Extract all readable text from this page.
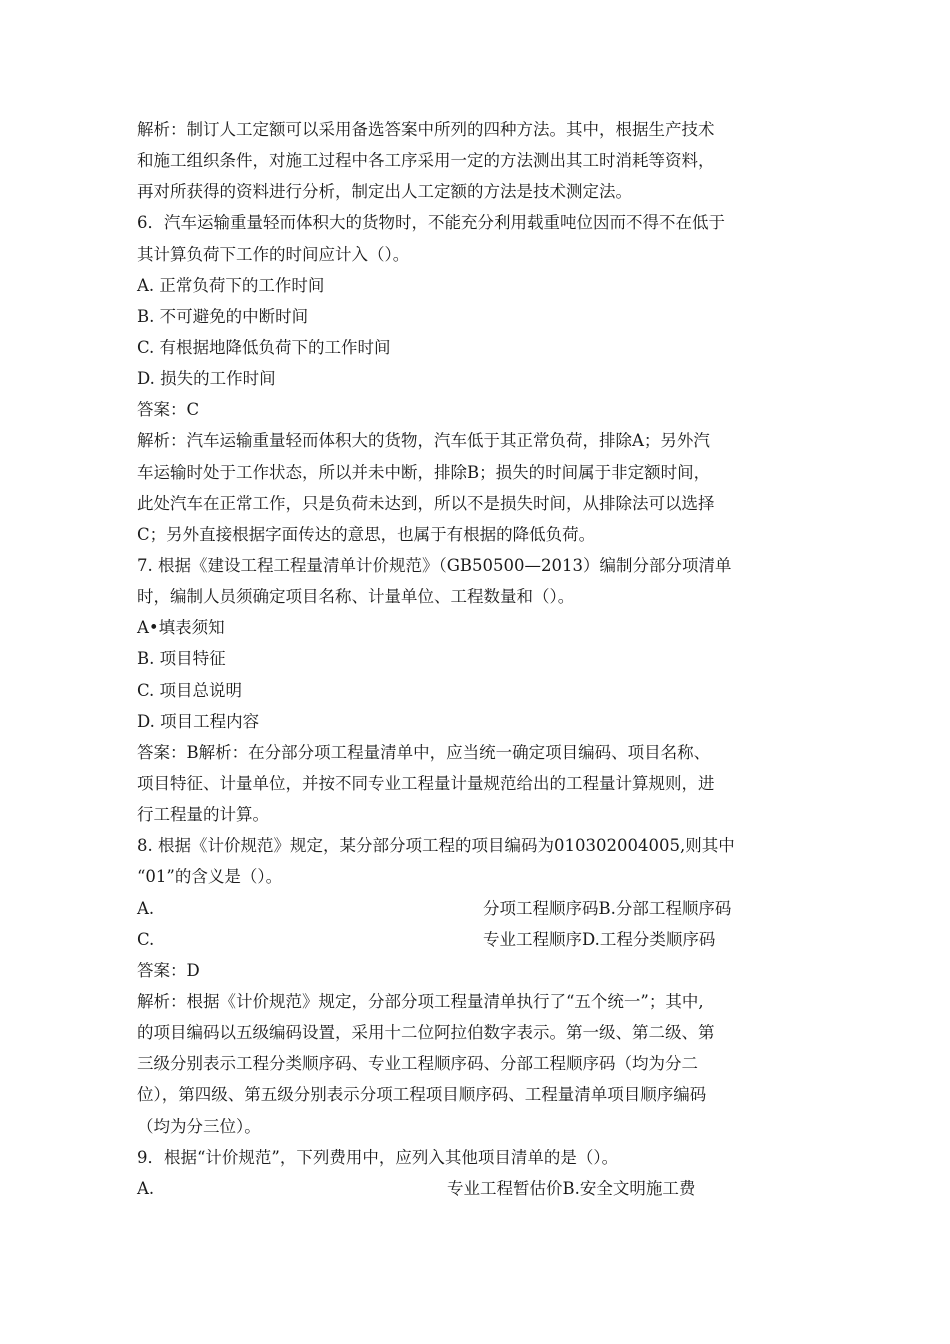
解析：制订人工定额可以采用备选答案中所列的四种方法。其中，根据生产技术
和施工组织条件，对施工过程中各工序采用一定的方法测出其工时消耗等资料，
再对所获得的资料进行分析，制定出人工定额的方法是技术测定法。
6．汽车运输重量轻而体积大的货物时，不能充分利用载重吨位因而不得不在低于
其计算负荷下工作的时间应计入（）。
A. 正常负荷下的工作时间
B. 不可避免的中断时间
C. 有根据地降低负荷下的工作时间
D. 损失的工作时间
答案：C
解析：汽车运输重量轻而体积大的货物，汽车低于其正常负荷，排除A；另外汽
车运输时处于工作状态，所以并未中断，排除B；损失的时间属于非定额时间，
此处汽车在正常工作，只是负荷未达到，所以不是损失时间，从排除法可以选择
C；另外直接根据字面传达的意思，也属于有根据的降低负荷。
7. 根据《建设工程工程量清单计价规范》（GB50500—2013）编制分部分项清单
时，编制人员须确定项目名称、计量单位、工程数量和（）。
A•填表须知
B. 项目特征
C. 项目总说明
D. 项目工程内容
答案：B解析：在分部分项工程量清单中，应当统一确定项目编码、项目名称、
项目特征、计量单位，并按不同专业工程量计量规范给出的工程量计算规则，进
行工程量的计算。
8. 根据《计价规范》规定，某分部分项工程的项目编码为010302004005,则其中
“01”的含义是（）。
A.	分项工程顺序码B.分部工程顺序码
C.	专业工程顺序D.工程分类顺序码
答案：D
解析：根据《计价规范》规定，分部分项工程量清单执行了“五个统一”；其中,
的项目编码以五级编码设置，采用十二位阿拉伯数字表示。第一级、第二级、第
三级分别表示工程分类顺序码、专业工程顺序码、分部工程顺序码（均为分二
位），第四级、第五级分别表示分项工程项目顺序码、工程量清单项目顺序编码
（均为分三位）。
9．根据“计价规范”，下列费用中，应列入其他项目清单的是（）。
A.	专业工程暂估价B.安全文明施工费
